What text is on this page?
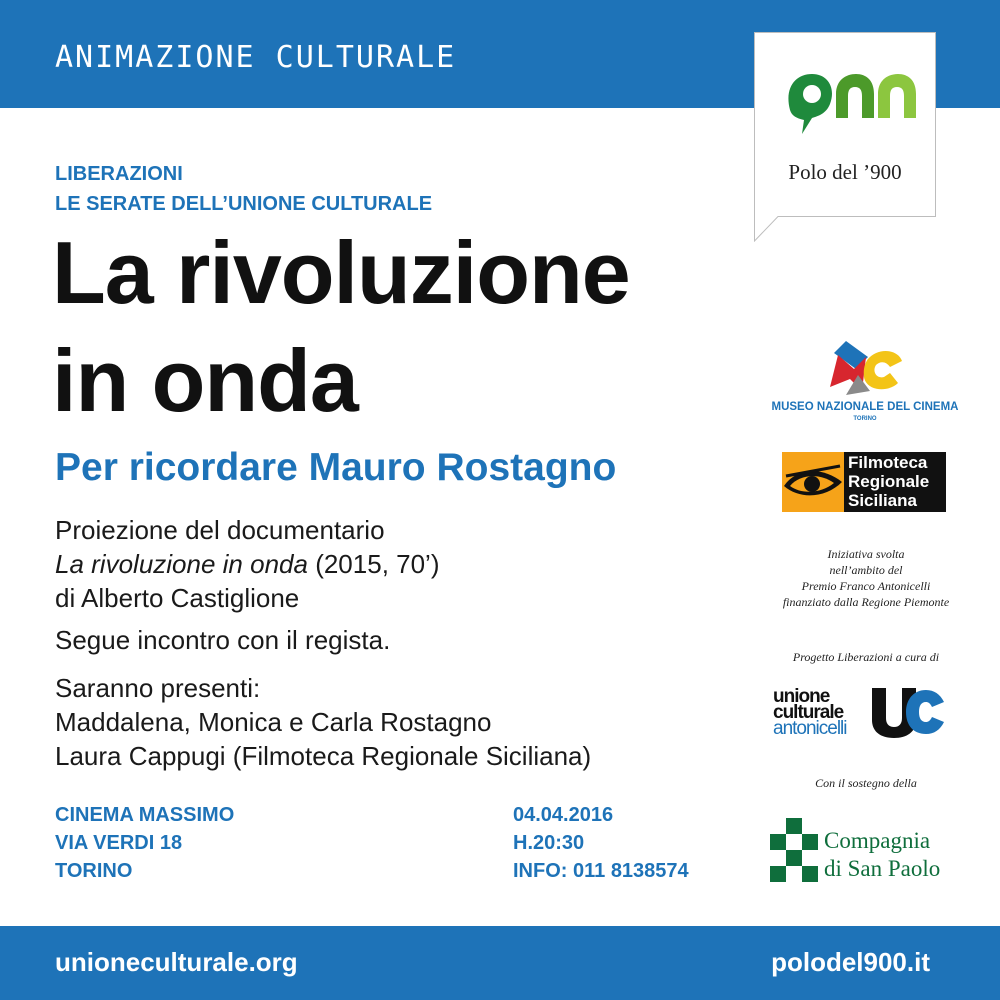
ANIMAZIONE CULTURALE
Polo del ’900
LIBERAZIONI
LE SERATE DELL’UNIONE CULTURALE
La rivoluzione
in onda
Per ricordare Mauro Rostagno
Proiezione del documentario
La rivoluzione in onda (2015, 70’)
di Alberto Castiglione
Segue incontro con il regista.
Saranno presenti:
Maddalena, Monica e Carla Rostagno
Laura Cappugi (Filmoteca Regionale Siciliana)
CINEMA MASSIMO
VIA VERDI 18
TORINO
04.04.2016
H.20:30
INFO: 011 8138574
MUSEO NAZIONALE DEL CINEMA
TORINO
Filmoteca
Regionale
Siciliana
Iniziativa svolta
nell’ambito del
Premio Franco Antonicelli
finanziato dalla Regione Piemonte
Progetto Liberazioni a cura di
unione
culturale
antonicelli
Con il sostegno della
Compagnia
di San Paolo
unioneculturale.org	polodel900.it
